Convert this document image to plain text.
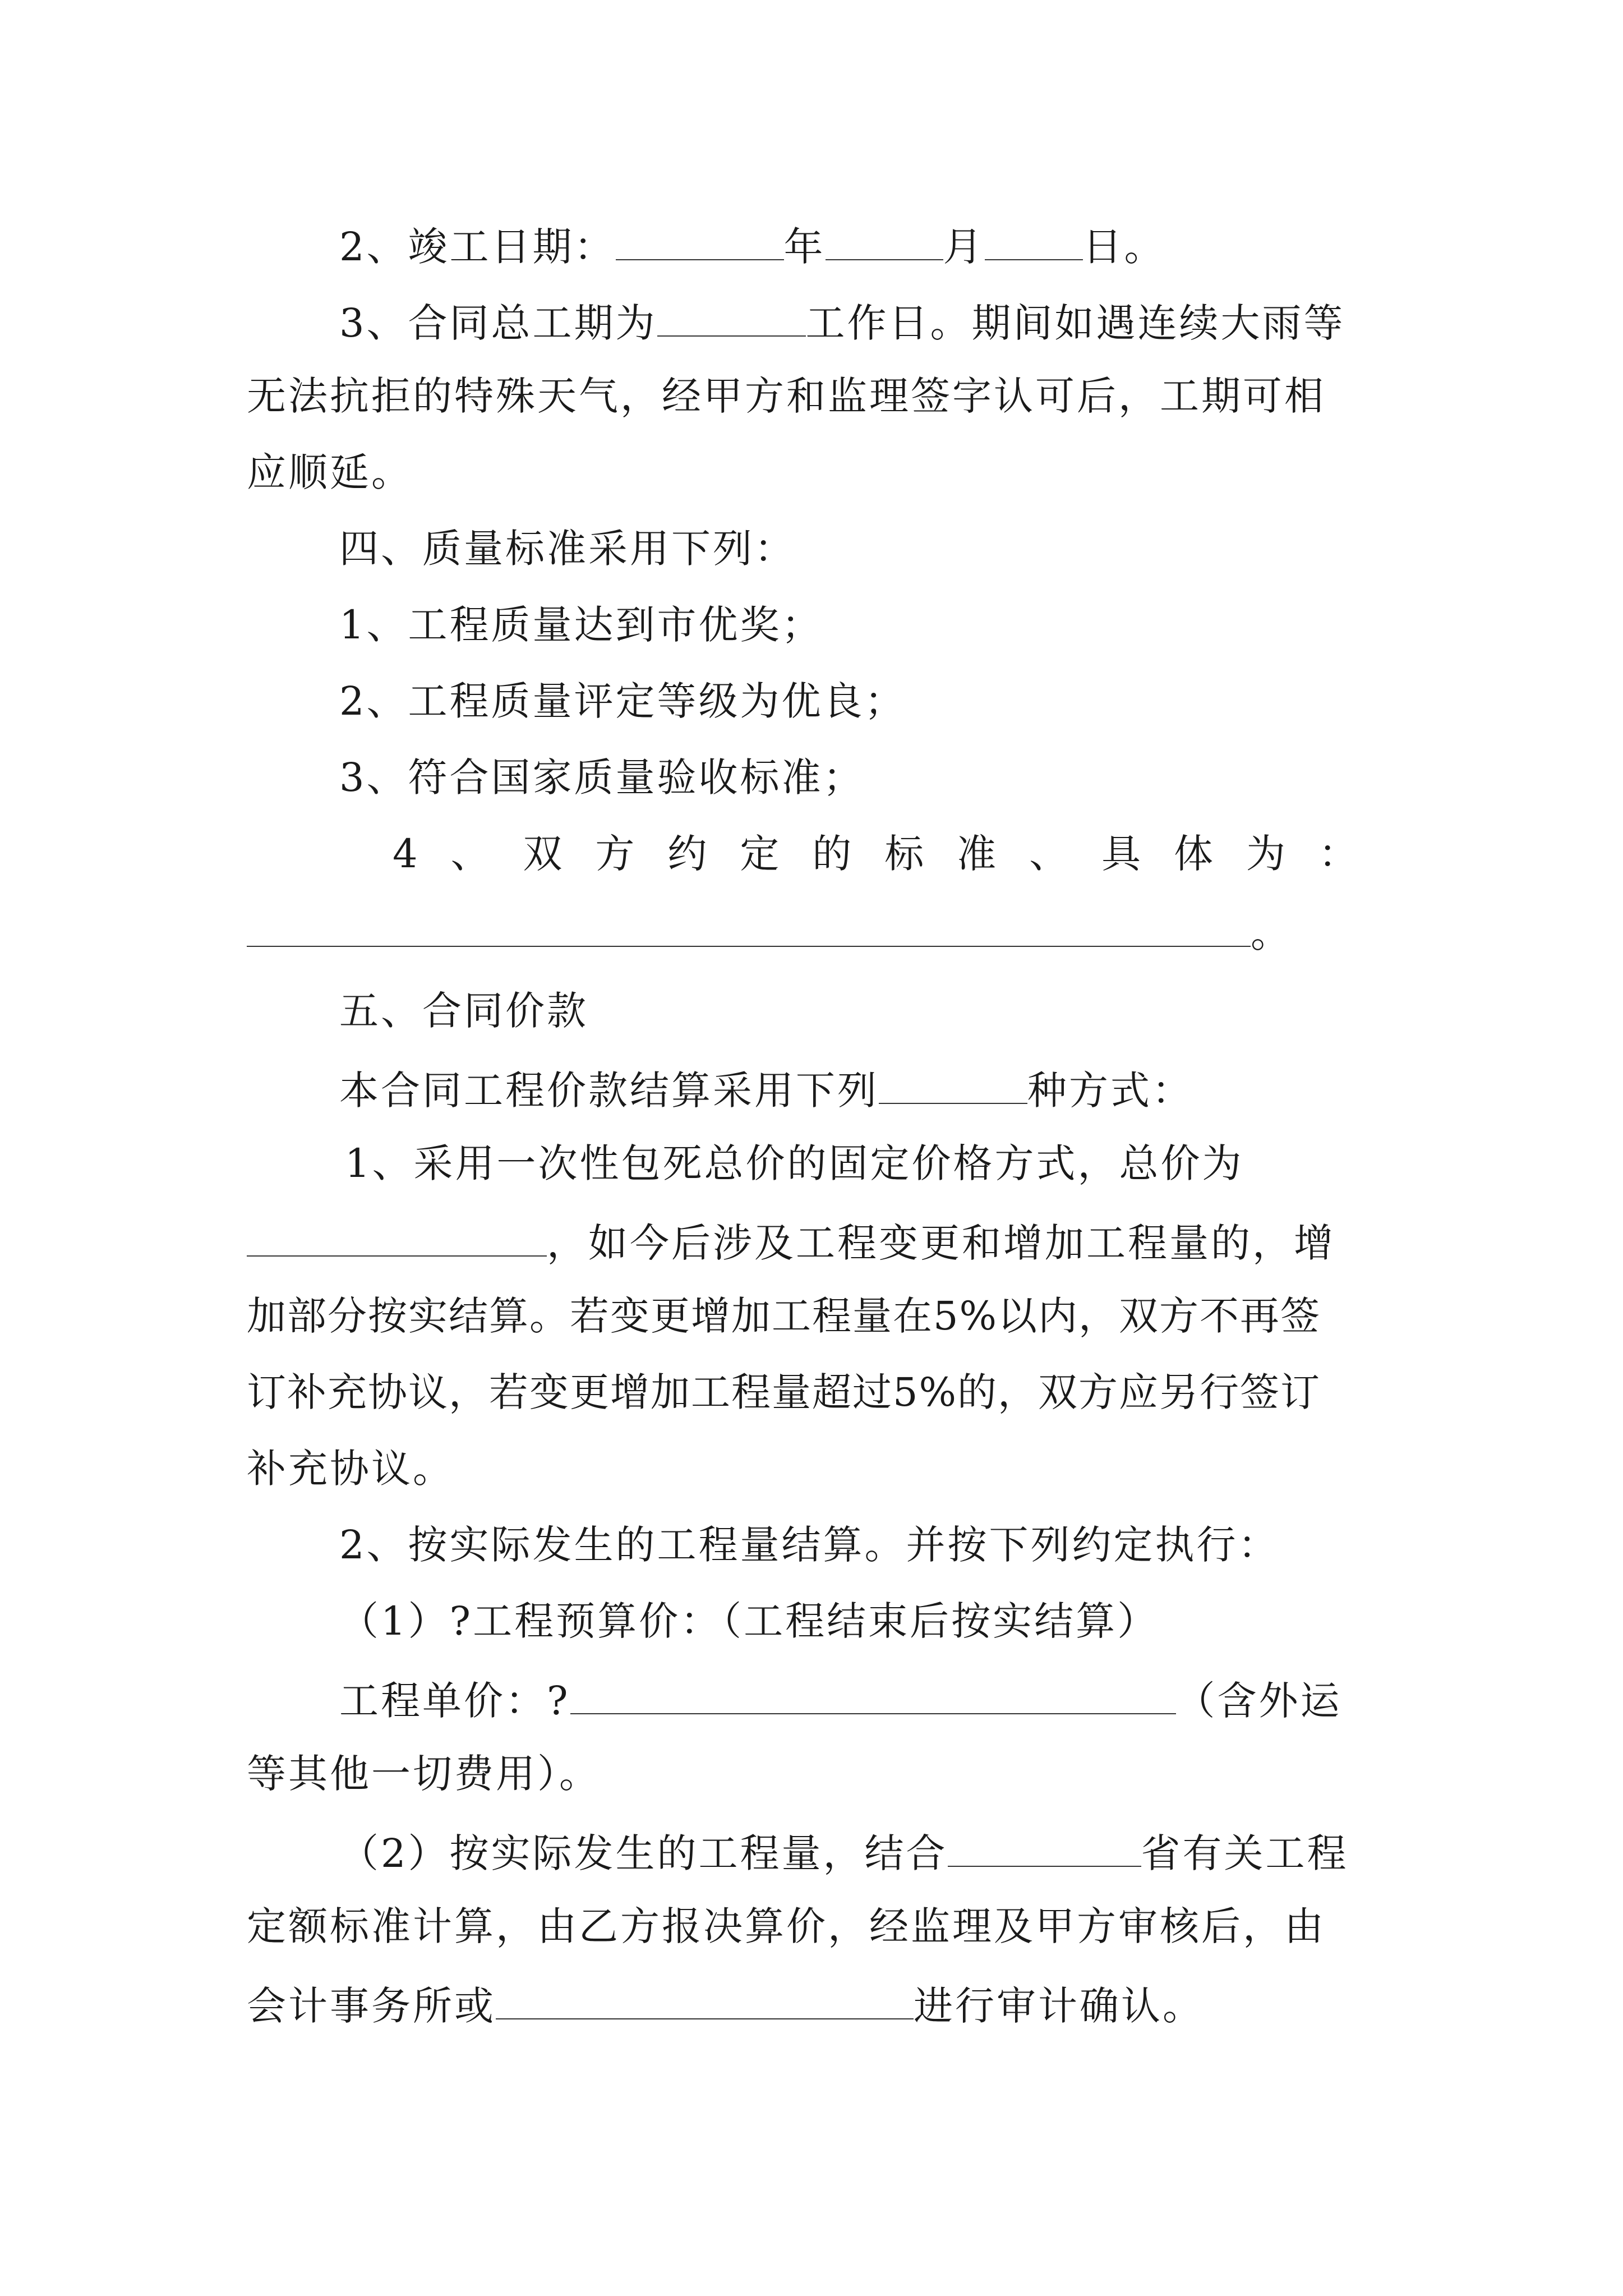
2、竣工日期：	年	月	日。
3、合同总工期为	工作日。期间如遇连续大雨等
无法抗拒的特殊天气，经甲方和监理签字认可后，工期可相
应顺延。
四、质量标准采用下列：
1、工程质量达到市优奖；
2、工程质量评定等级为优良；
3、符合国家质量验收标准；
4 、 双 方 约 定 的 标 准 、 具 体 为 ：
。
五、合同价款
本合同工程价款结算采用下列	种方式：
1、采用一次性包死总价的固定价格方式，总价为
，如今后涉及工程变更和增加工程量的，增
加部分按实结算。若变更增加工程量在5%以内，双方不再签
订补充协议，若变更增加工程量超过5%的，双方应另行签订
补充协议。
2、按实际发生的工程量结算。并按下列约定执行：
（1）?工程预算价：（工程结束后按实结算）
工程单价：?	（含外运
等其他一切费用）。
（2）按实际发生的工程量，结合	省有关工程
定额标准计算，由乙方报决算价，经监理及甲方审核后，由
会计事务所或	进行审计确认。
